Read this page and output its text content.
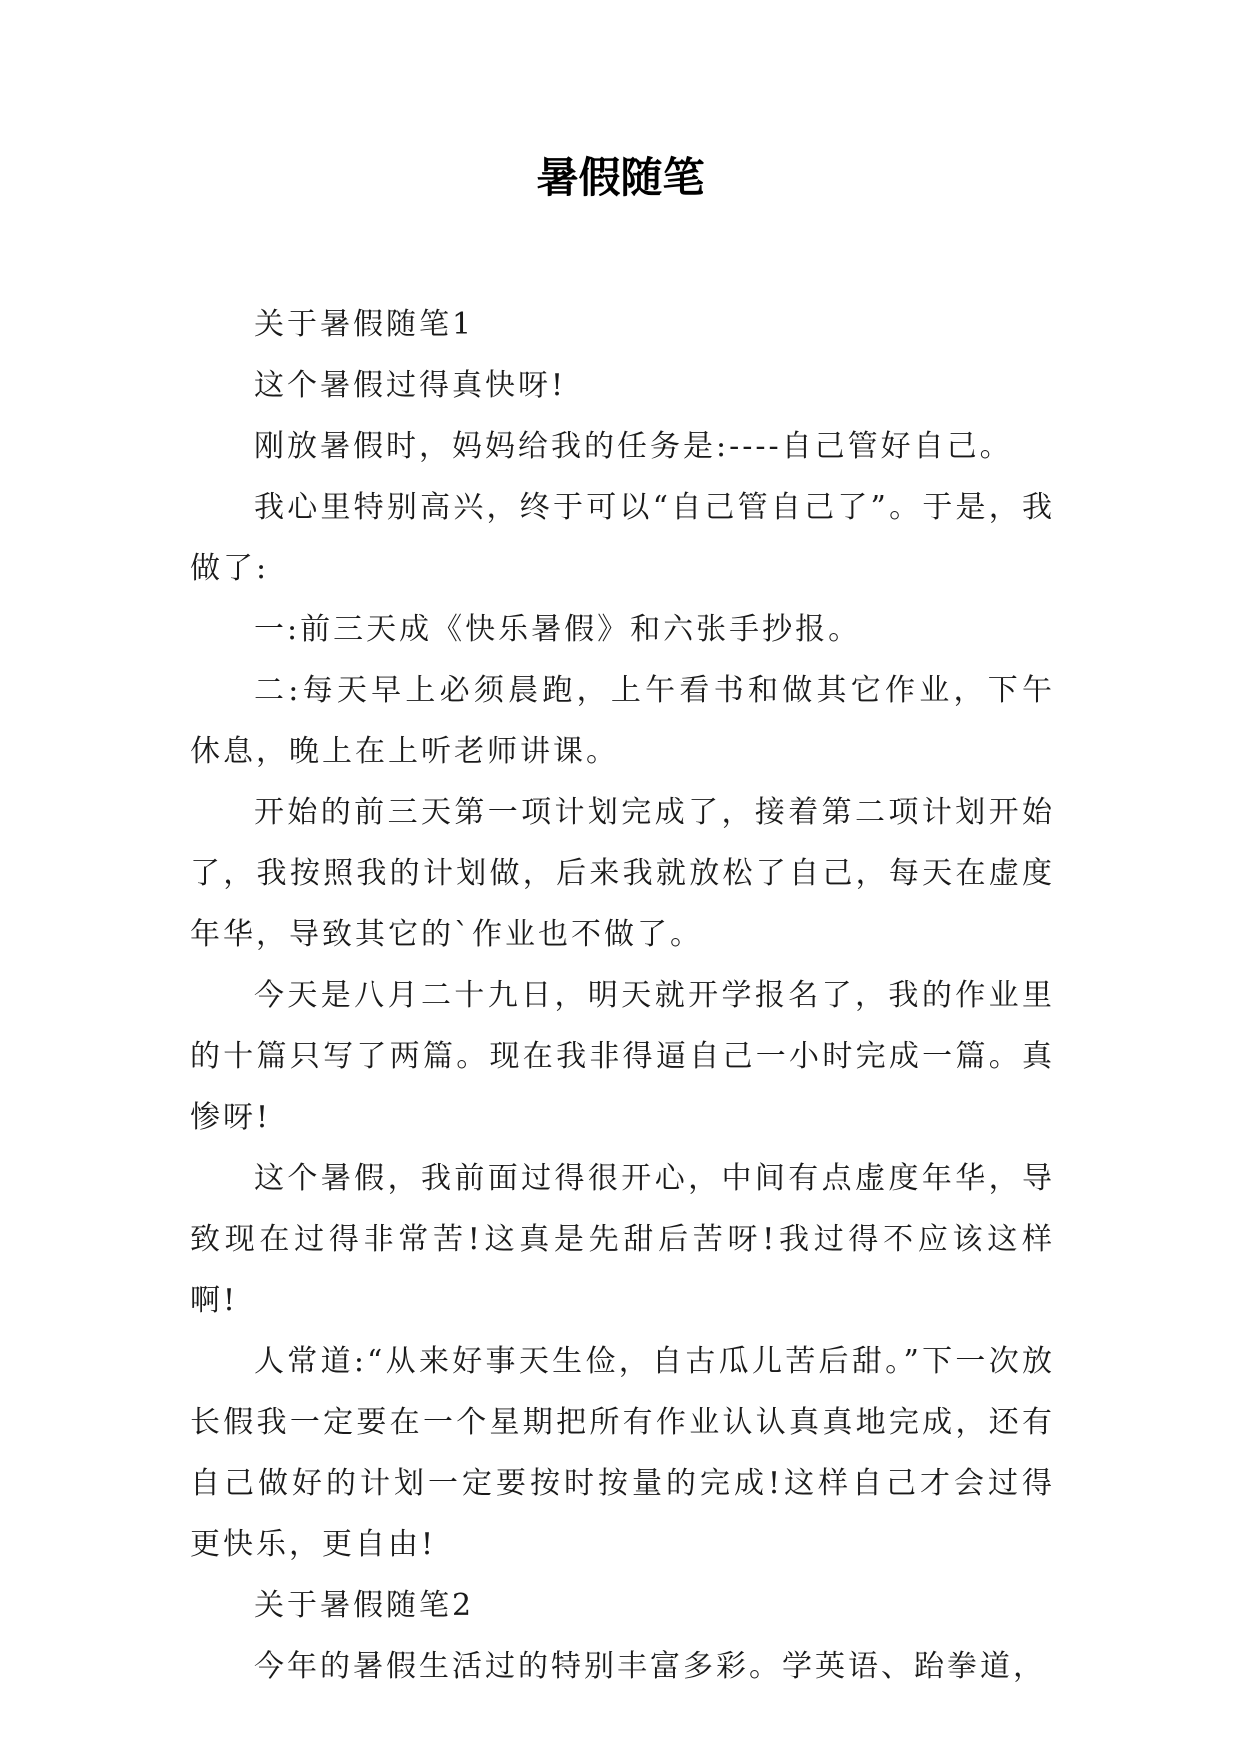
暑假随笔

关于暑假随笔1

这个暑假过得真快呀!

刚放暑假时，妈妈给我的任务是:----自己管好自己。

我心里特别高兴，终于可以“自己管自己了”。于是，我做了:

一:前三天成《快乐暑假》和六张手抄报。

二:每天早上必须晨跑，上午看书和做其它作业，下午休息，晚上在上听老师讲课。

开始的前三天第一项计划完成了，接着第二项计划开始了，我按照我的计划做，后来我就放松了自己，每天在虚度年华，导致其它的`作业也不做了。

今天是八月二十九日，明天就开学报名了，我的作业里的十篇只写了两篇。现在我非得逼自己一小时完成一篇。真惨呀!

这个暑假，我前面过得很开心，中间有点虚度年华，导致现在过得非常苦!这真是先甜后苦呀!我过得不应该这样啊!

人常道:“从来好事天生俭，自古瓜儿苦后甜。”下一次放长假我一定要在一个星期把所有作业认认真真地完成，还有自己做好的计划一定要按时按量的完成!这样自己才会过得更快乐，更自由!

关于暑假随笔2

今年的暑假生活过的特别丰富多彩。学英语、跆拳道，
